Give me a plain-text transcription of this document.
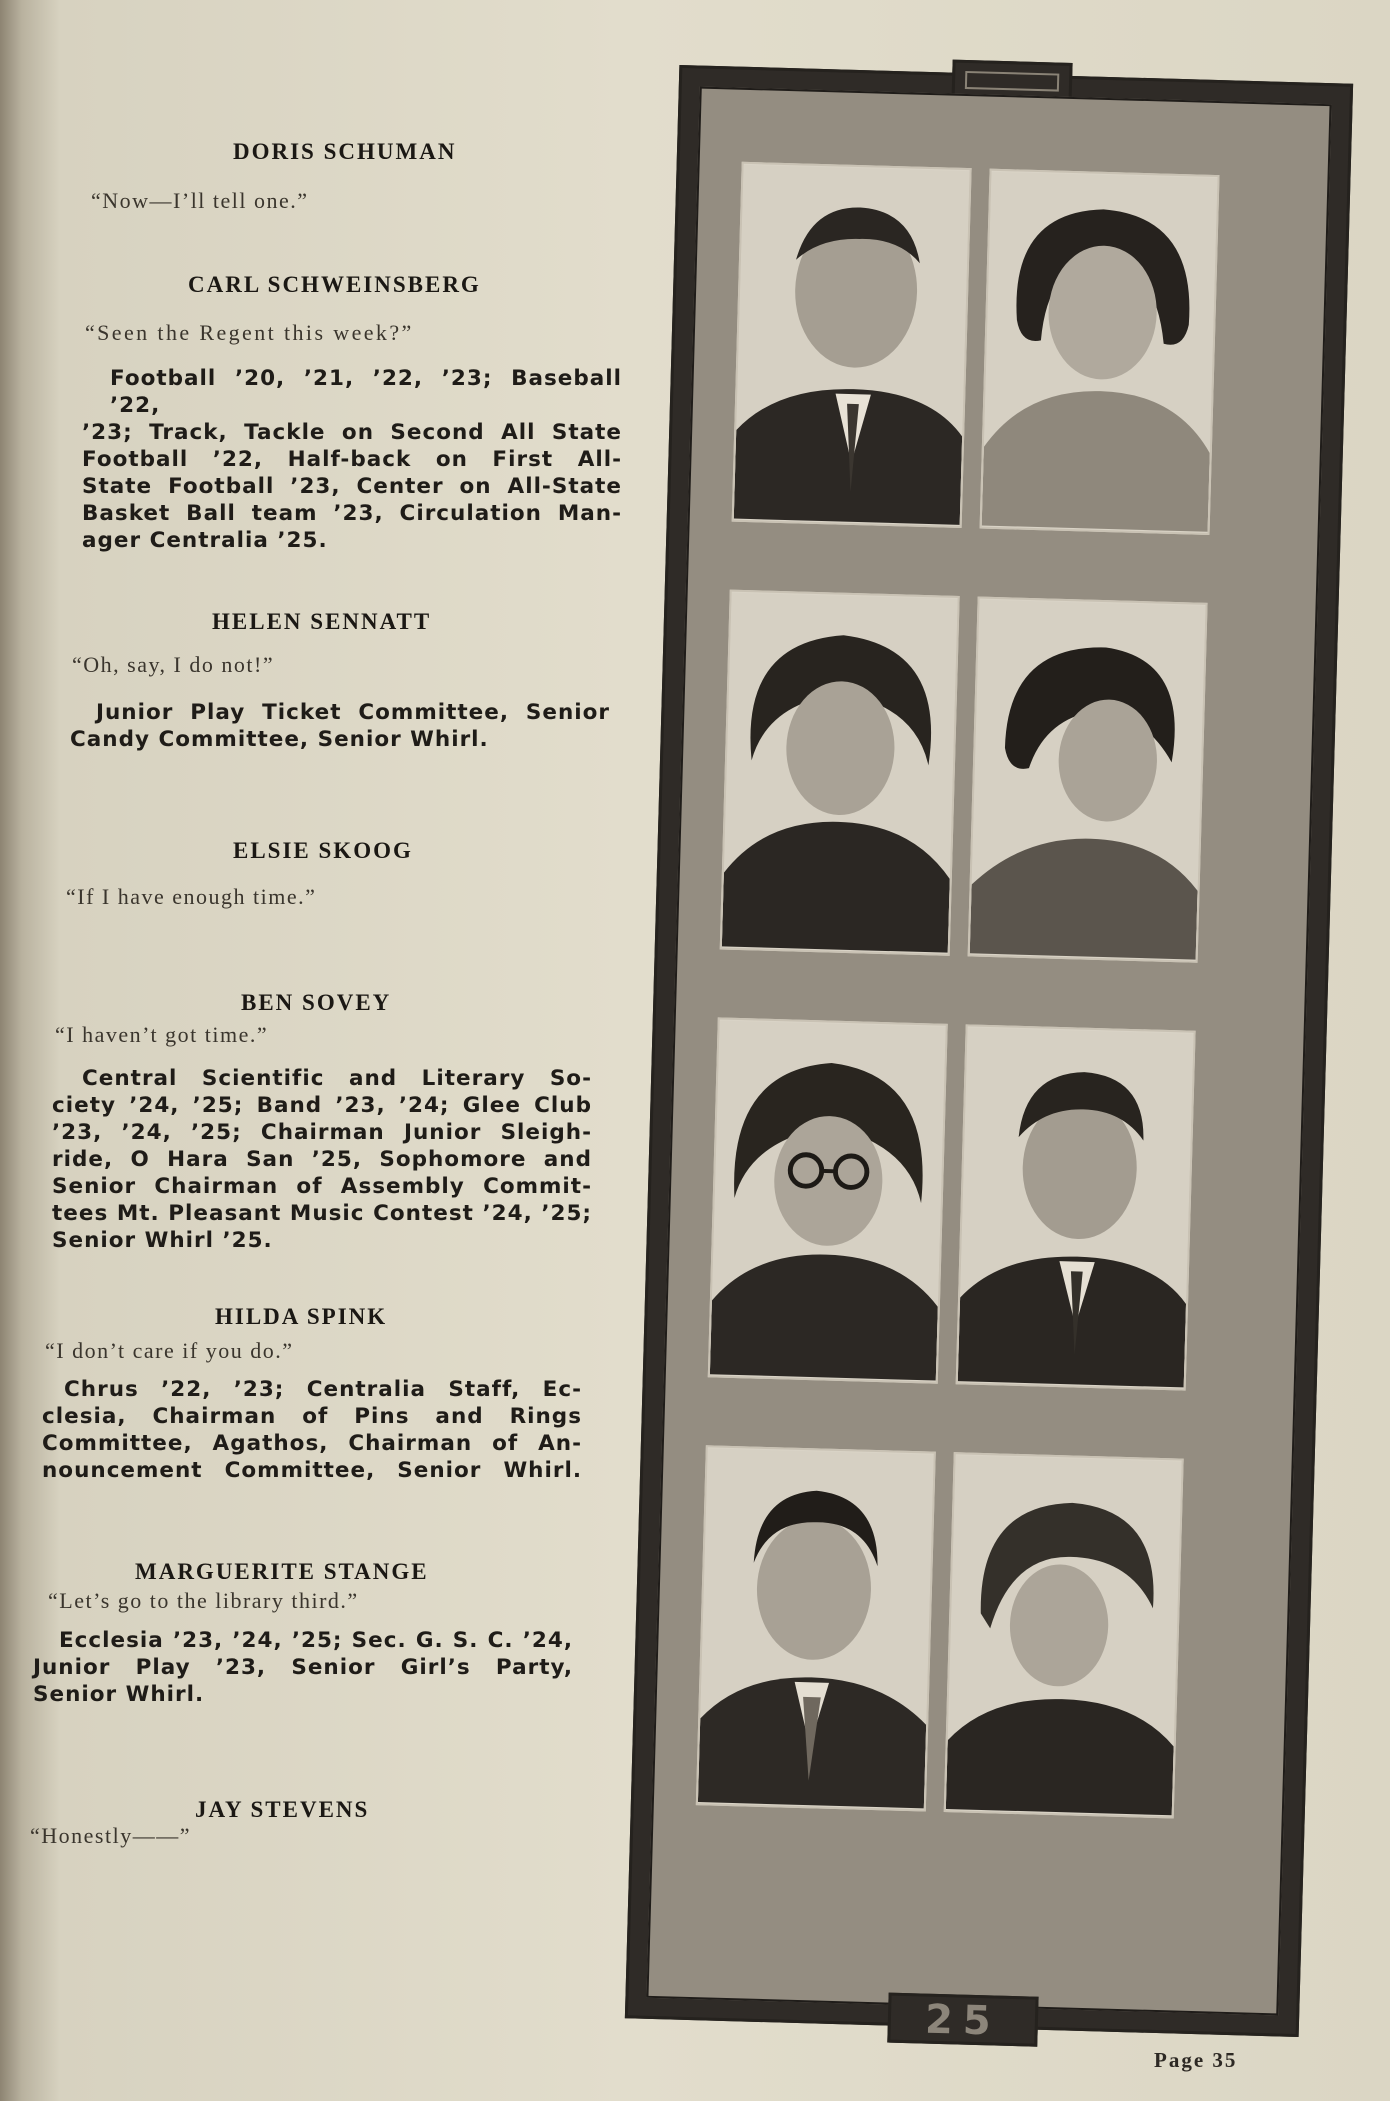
DORIS SCHUMAN
“Now—I’ll tell one.”
CARL SCHWEINSBERG
“Seen the Regent this week?”
Football ’20, ’21, ’22, ’23; Baseball ’22,
’23; Track, Tackle on Second All State
Football ’22, Half-back on First All-
State Football ’23, Center on All-State
Basket Ball team ’23, Circulation Man-
ager Centralia ’25.
HELEN SENNATT
“Oh, say, I do not!”
Junior Play Ticket Committee, Senior
Candy Committee, Senior Whirl.
ELSIE SKOOG
“If I have enough time.”
BEN SOVEY
“I haven’t got time.”
Central Scientific and Literary So-
ciety ’24, ’25; Band ’23, ’24; Glee Club
’23, ’24, ’25; Chairman Junior Sleigh-
ride, O Hara San ’25, Sophomore and
Senior Chairman of Assembly Commit-
tees Mt. Pleasant Music Contest ’24, ’25;
Senior Whirl ’25.
HILDA SPINK
“I don’t care if you do.”
Chrus ’22, ’23; Centralia Staff, Ec-
clesia, Chairman of Pins and Rings
Committee, Agathos, Chairman of An-
nouncement Committee, Senior Whirl.
MARGUERITE STANGE
“Let’s go to the library third.”
Ecclesia ’23, ’24, ’25; Sec. G. S. C. ’24,
Junior Play ’23, Senior Girl’s Party,
Senior Whirl.
JAY STEVENS
“Honestly——”
25
Page 35
